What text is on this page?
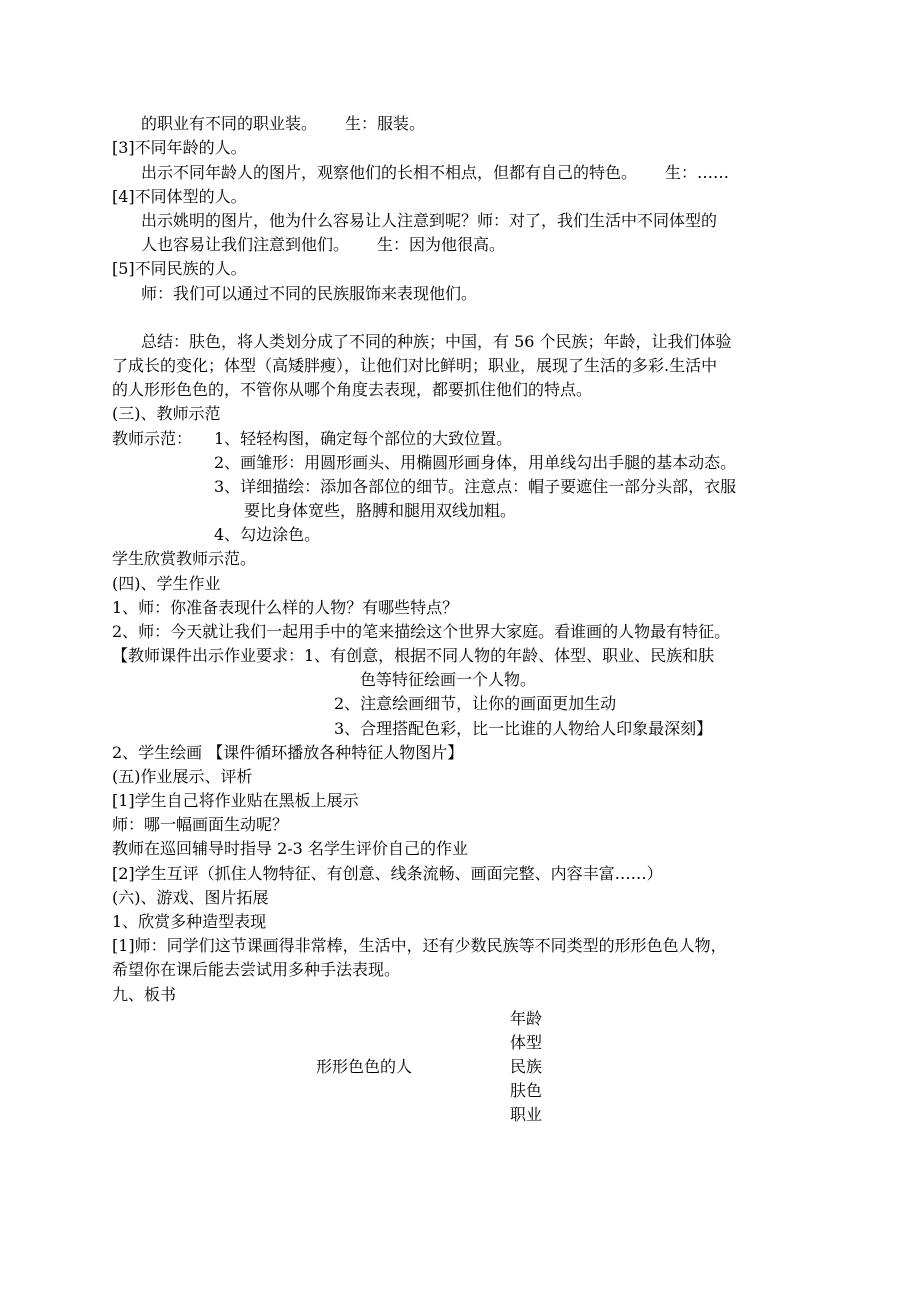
的职业有不同的职业装。 生：服装。
[3]不同年龄的人。
出示不同年龄人的图片，观察他们的长相不相点，但都有自己的特色。 生：……
[4]不同体型的人。
出示姚明的图片，他为什么容易让人注意到呢？师：对了，我们生活中不同体型的
人也容易让我们注意到他们。 生：因为他很高。
[5]不同民族的人。
师：我们可以通过不同的民族服饰来表现他们。
总结：肤色，将人类划分成了不同的种族；中国，有 56 个民族；年龄，让我们体验
了成长的变化；体型（高矮胖瘦），让他们对比鲜明；职业，展现了生活的多彩.生活中
的人形形色色的，不管你从哪个角度去表现，都要抓住他们的特点。
(三)、教师示范
教师示范： 1、轻轻构图，确定每个部位的大致位置。
2、画雏形：用圆形画头、用椭圆形画身体，用单线勾出手腿的基本动态。
3、详细描绘：添加各部位的细节。注意点：帽子要遮住一部分头部，衣服
要比身体宽些，胳膊和腿用双线加粗。
4、勾边涂色。
学生欣赏教师示范。
(四)、学生作业
1、师：你准备表现什么样的人物？有哪些特点？
2、师：今天就让我们一起用手中的笔来描绘这个世界大家庭。看谁画的人物最有特征。
【教师课件出示作业要求：1、有创意，根据不同人物的年龄、体型、职业、民族和肤
色等特征绘画一个人物。
2、注意绘画细节，让你的画面更加生动
3、合理搭配色彩，比一比谁的人物给人印象最深刻】
2、学生绘画 【课件循环播放各种特征人物图片】
(五)作业展示、评析
[1]学生自己将作业贴在黑板上展示
师：哪一幅画面生动呢？
教师在巡回辅导时指导 2-3 名学生评价自己的作业
[2]学生互评（抓住人物特征、有创意、线条流畅、画面完整、内容丰富……）
(六)、游戏、图片拓展
1、欣赏多种造型表现
[1]师：同学们这节课画得非常棒，生活中，还有少数民族等不同类型的形形色色人物，
希望你在课后能去尝试用多种手法表现。
九、板书
年龄
体型
形形色色的人	民族
肤色
职业
